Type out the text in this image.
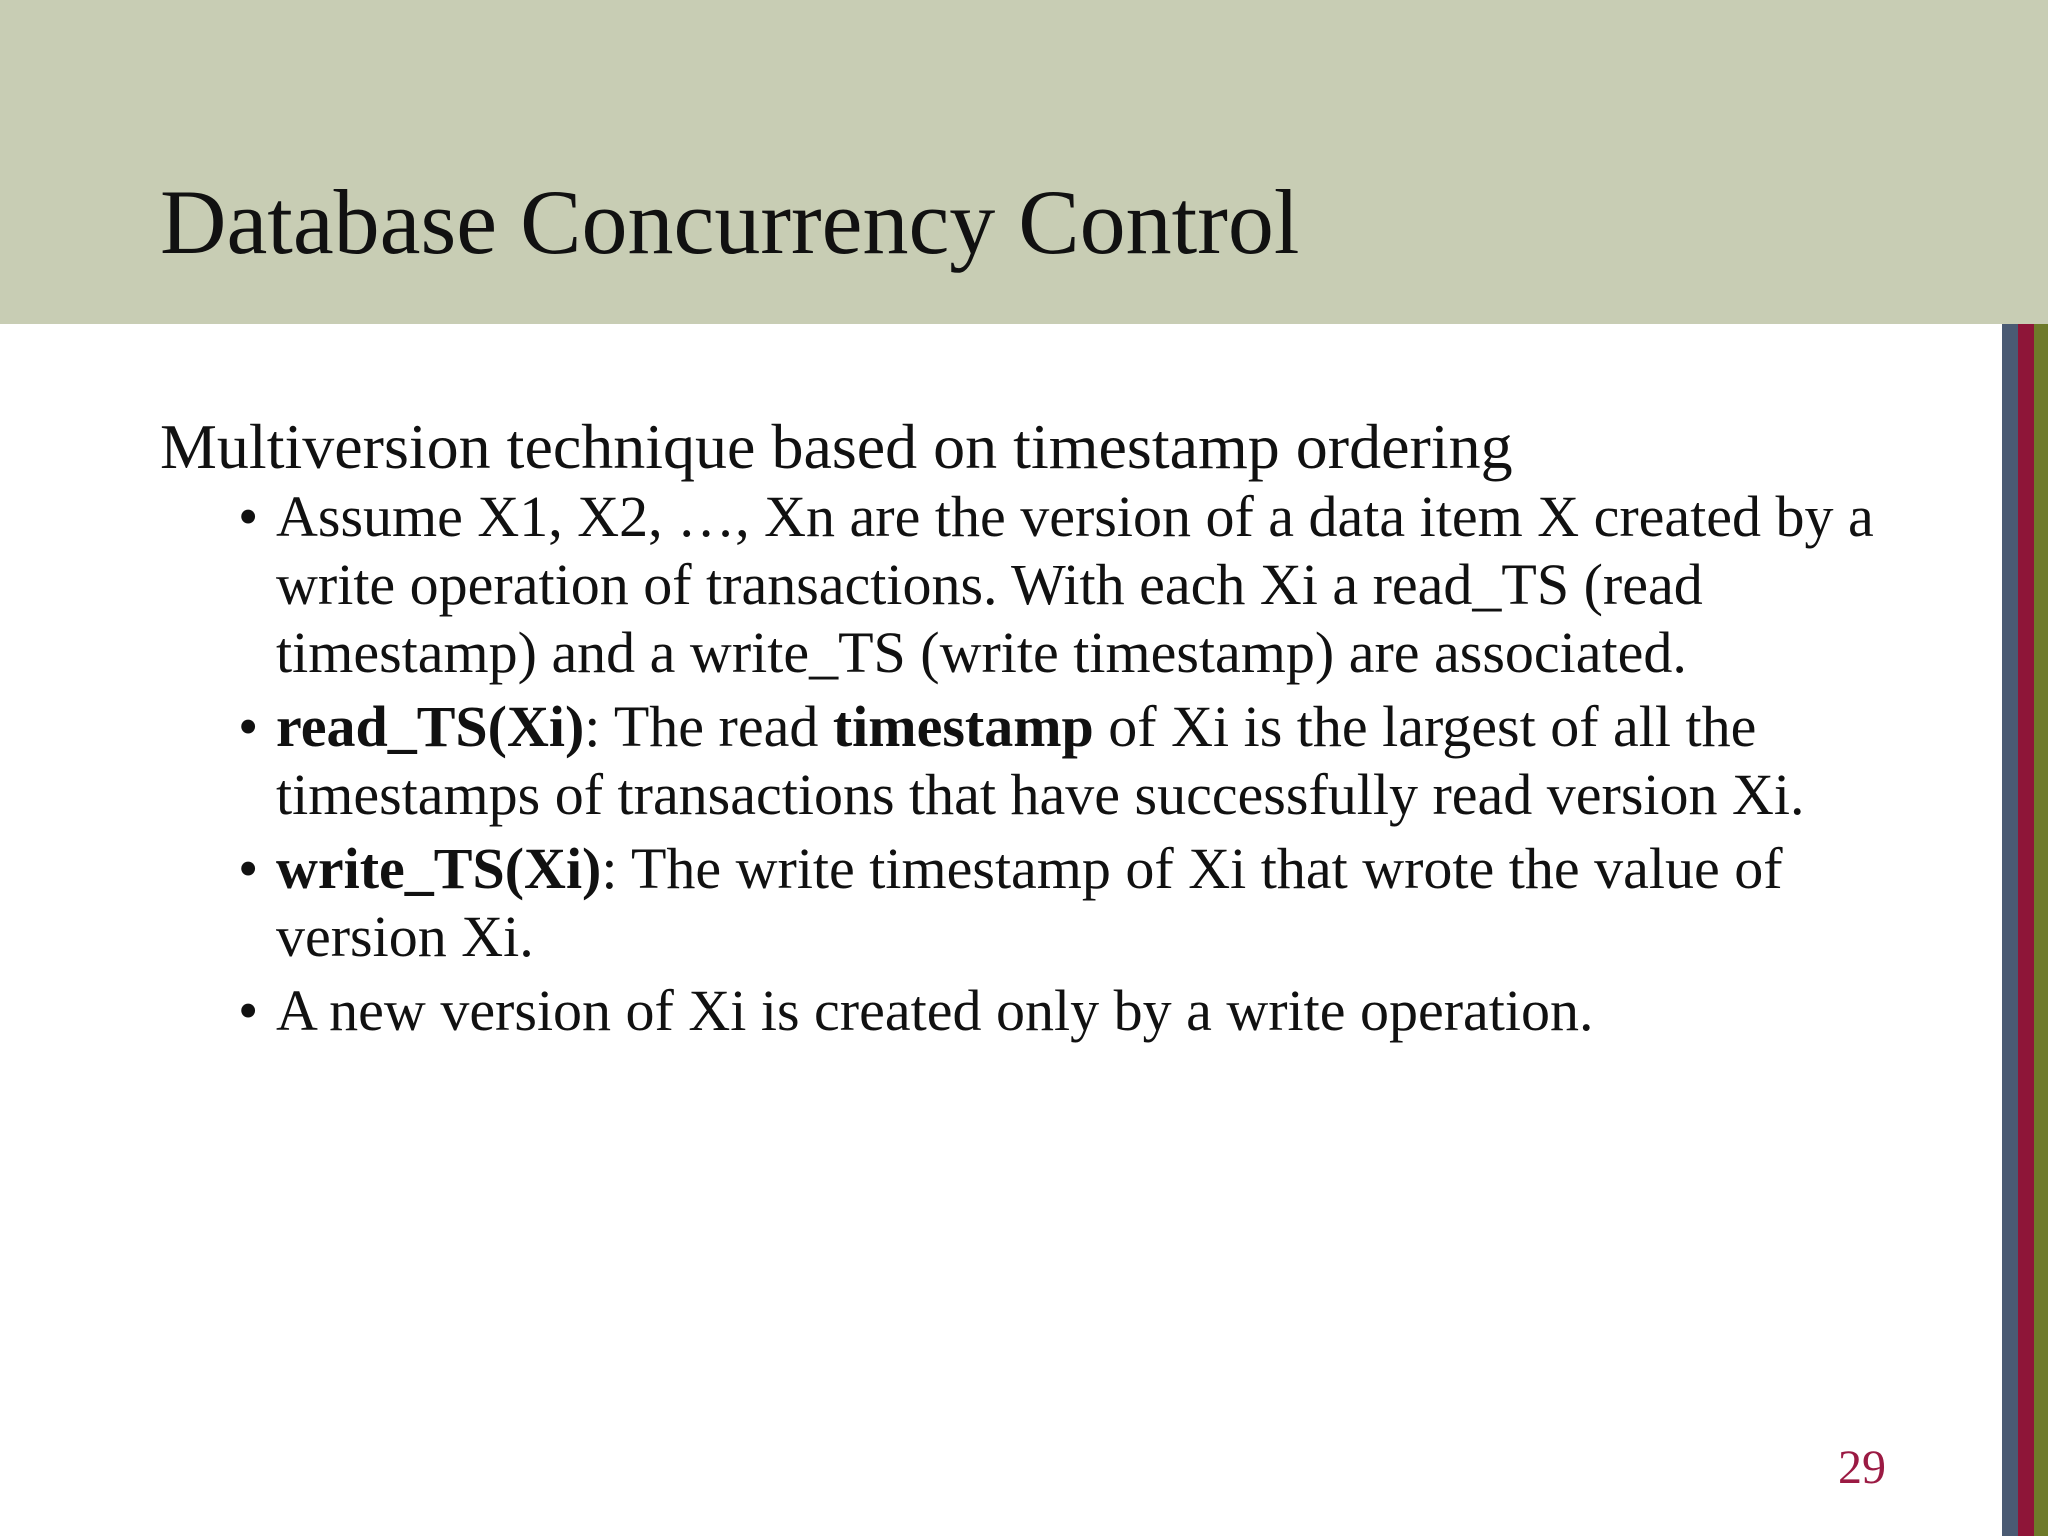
Database Concurrency Control

Multiversion technique based on timestamp ordering

• Assume X1, X2, …, Xn are the version of a data item X created by a write operation of transactions. With each Xi a read_TS (read timestamp) and a write_TS (write timestamp) are associated.
• read_TS(Xi): The read timestamp of Xi is the largest of all the timestamps of transactions that have successfully read version Xi.
• write_TS(Xi): The write timestamp of Xi that wrote the value of version Xi.
• A new version of Xi is created only by a write operation.
29
